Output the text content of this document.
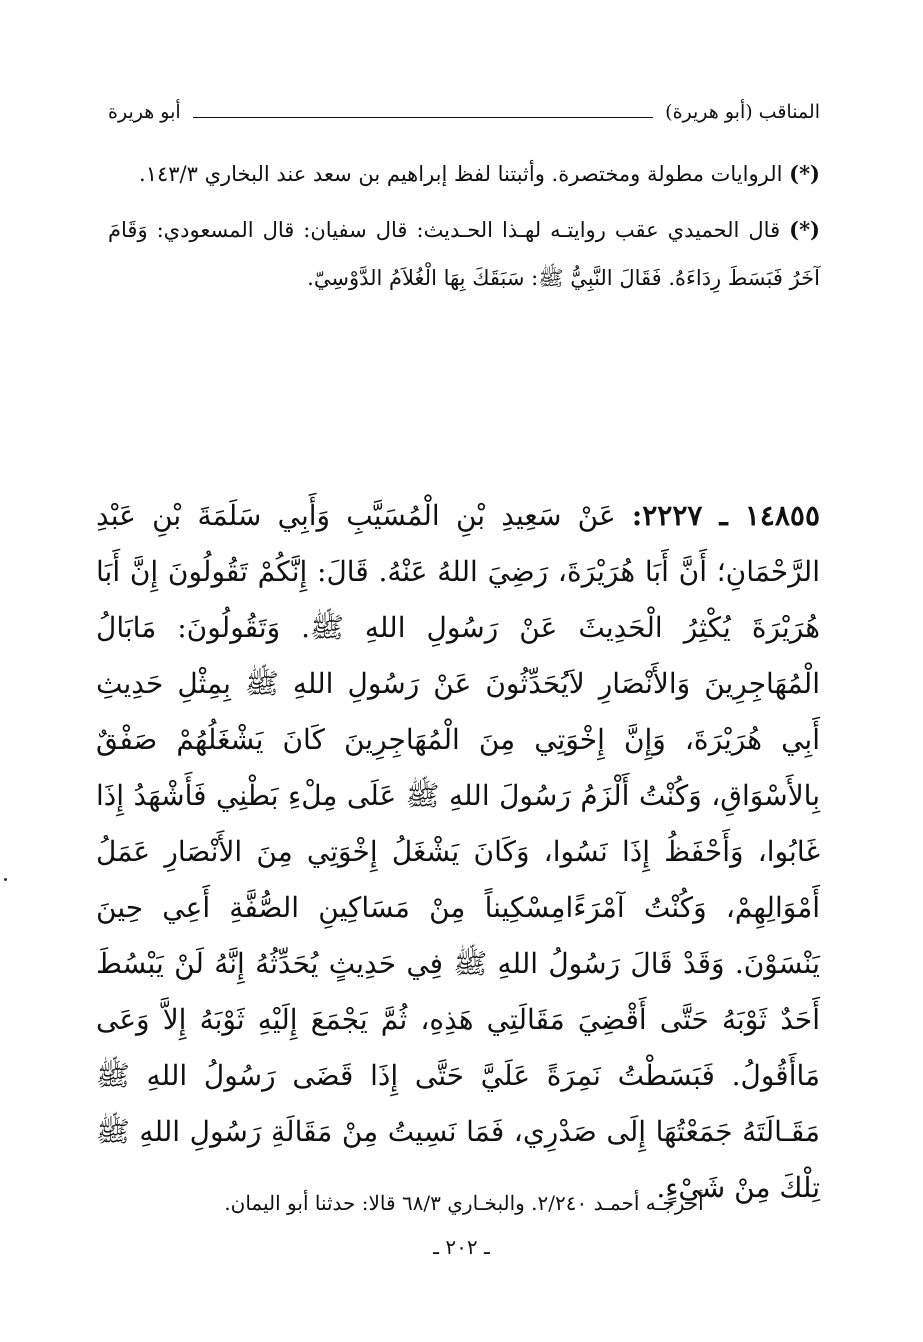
المناقب (أبو هريرة)
أبو هريرة

(*) الروايات مطولة ومختصرة. وأثبتنا لفظ إبراهيم بن سعد عند البخاري ١٤٣/٣.

(*) قال الحميدي عقب روايتـه لهـذا الحـديث: قال سفيان: قال المسعودي: وَقَامَ آخَرُ فَبَسَطَ رِدَاءَهُ. فَقَالَ النَّبِيُّ ﷺ: سَبَقَكَ بِهَا الْغُلاَمُ الدَّوْسِيّ.

١٤٨٥٥ ـ ٢٢٢٧: عَنْ سَعِيدِ بْنِ الْمُسَيَّبِ وَأَبِي سَلَمَةَ بْنِ عَبْدِ الرَّحْمَانِ؛ أَنَّ أَبَا هُرَيْرَةَ، رَضِيَ اللهُ عَنْهُ. قَالَ: إِنَّكُمْ تَقُولُونَ إِنَّ أَبَا هُرَيْرَةَ يُكْثِرُ الْحَدِيثَ عَنْ رَسُولِ اللهِ ﷺ. وَتَقُولُونَ: مَابَالُ الْمُهَاجِرِينَ وَالأَنْصَارِ لاَيُحَدِّثُونَ عَنْ رَسُولِ اللهِ ﷺ بِمِثْلِ حَدِيثِ أَبِي هُرَيْرَةَ، وَإِنَّ إِخْوَتِي مِنَ الْمُهَاجِرِينَ كَانَ يَشْغَلُهُمْ صَفْقٌ بِالأَسْوَاقِ، وَكُنْتُ أَلْزَمُ رَسُولَ اللهِ ﷺ عَلَى مِلْءِ بَطْنِي فَأَشْهَدُ إِذَا غَابُوا، وَأَحْفَظُ إِذَا نَسُوا، وَكَانَ يَشْغَلُ إِخْوَتِي مِنَ الأَنْصَارِ عَمَلُ أَمْوَالِهِمْ، وَكُنْتُ آمْرَءًامِسْكِيناً مِنْ مَسَاكِينِ الصُّفَّةِ أَعِي حِينَ يَنْسَوْنَ. وَقَدْ قَالَ رَسُولُ اللهِ ﷺ فِي حَدِيثٍ يُحَدِّثُهُ إِنَّهُ لَنْ يَبْسُطَ أَحَدٌ ثَوْبَهُ حَتَّى أَقْضِيَ مَقَالَتِي هَذِهِ، ثُمَّ يَجْمَعَ إِلَيْهِ ثَوْبَهُ إِلاَّ وَعَى مَاأَقُولُ. فَبَسَطْتُ نَمِرَةً عَلَيَّ حَتَّى إِذَا قَضَى رَسُولُ اللهِ ﷺ مَقَـالَتَهُ جَمَعْتُهَا إِلَى صَدْرِي، فَمَا نَسِيتُ مِنْ مَقَالَةِ رَسُولِ اللهِ ﷺ تِلْكَ مِنْ شَيْءٍ.
أخرجـه أحمـد ٢/٢٤٠. والبخـاري ٦٨/٣ قالا: حدثنا أبو اليمان.
ـ ٢٠٢ ـ
